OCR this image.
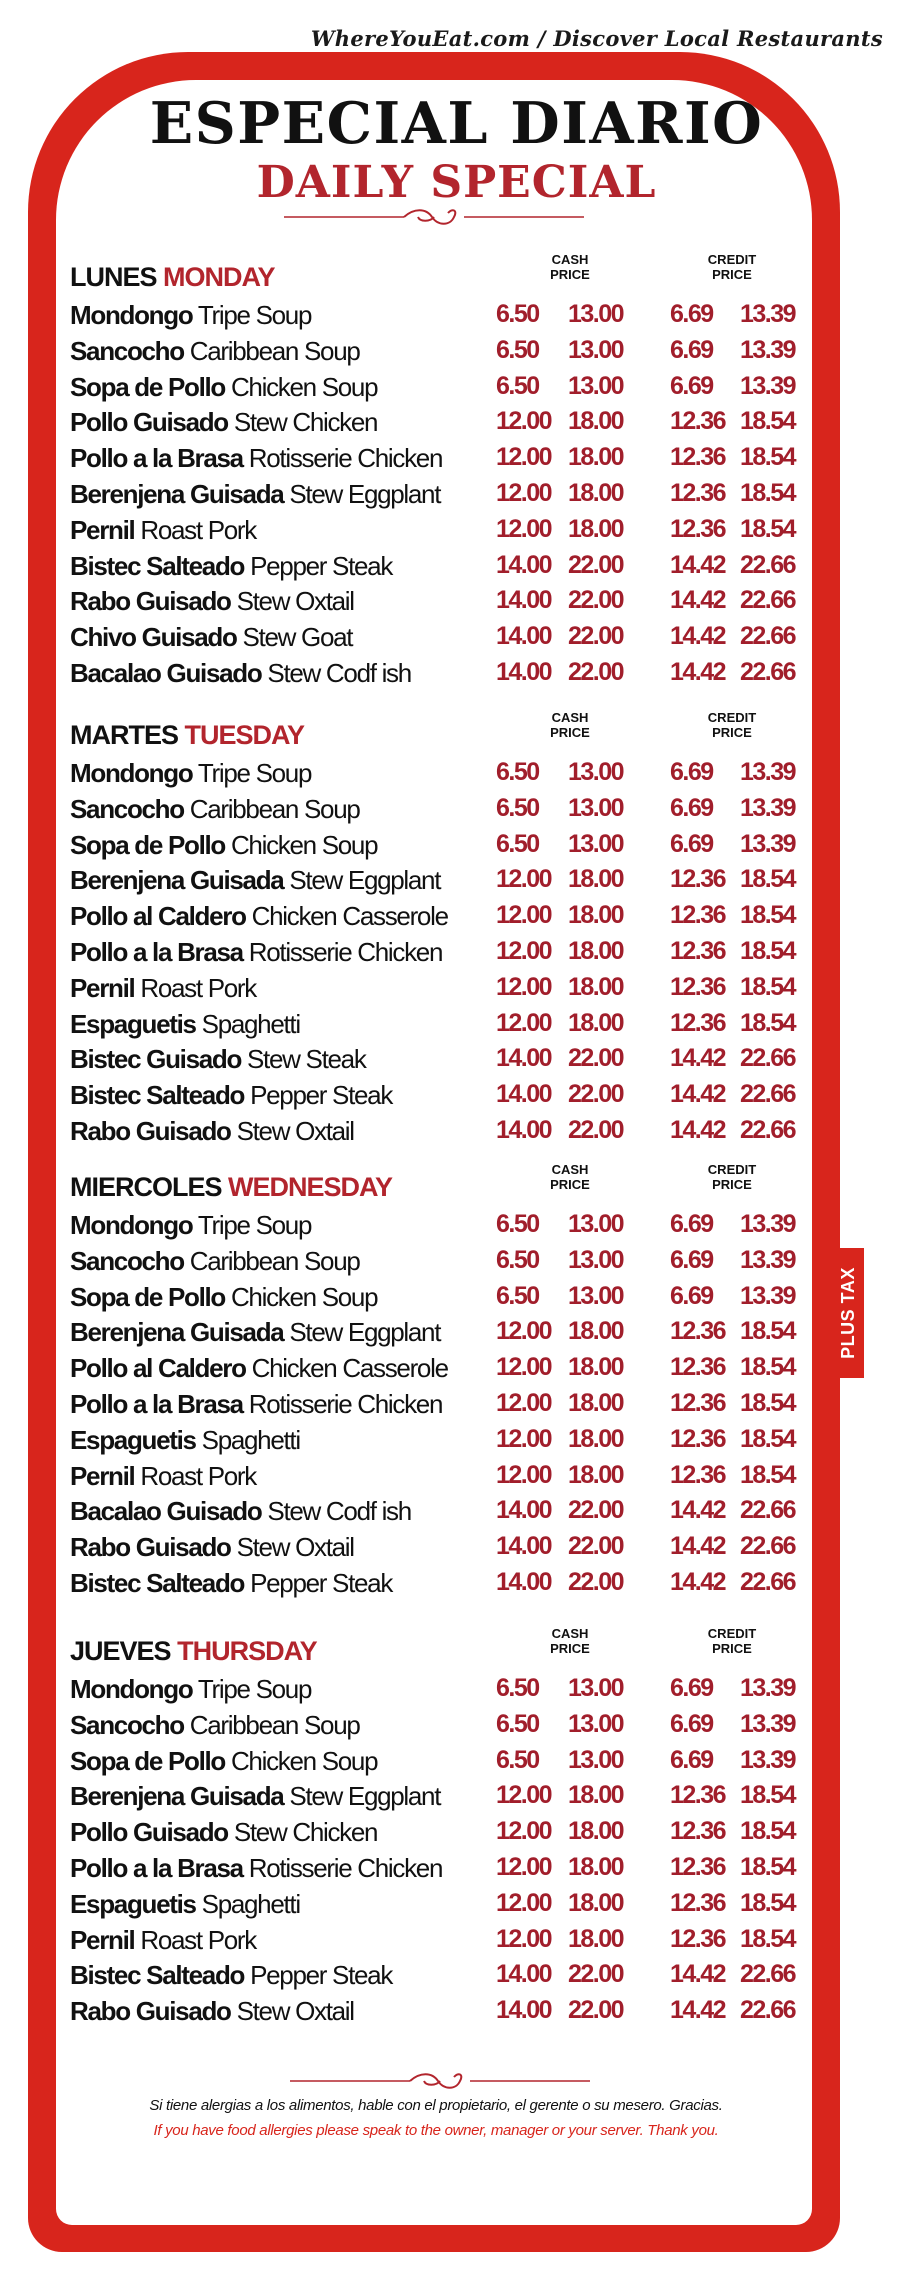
WhereYouEat.com / Discover Local Restaurants
ESPECIAL DIARIO
DAILY SPECIAL
LUNES MONDAY
CASH
PRICE
CREDIT
PRICE
Mondongo Tripe Soup	6.50 13.00 6.69 13.39
Sancocho Caribbean Soup	6.50 13.00 6.69 13.39
Sopa de Pollo Chicken Soup	6.50 13.00 6.69 13.39
Pollo Guisado Stew Chicken	12.00 18.00 12.36 18.54
Pollo a la Brasa Rotisserie Chicken 12.00 18.00 12.36 18.54
Berenjena Guisada Stew Eggplant 12.00 18.00 12.36 18.54
Pernil Roast Pork	12.00 18.00 12.36 18.54
Bistec Salteado Pepper Steak	14.00 22.00 14.42 22.66
Rabo Guisado Stew Oxtail	14.00 22.00 14.42 22.66
Chivo Guisado Stew Goat	14.00 22.00 14.42 22.66
Bacalao Guisado Stew Codf ish	14.00 22.00 14.42 22.66
MARTES TUESDAY
CASH
PRICE
CREDIT
PRICE
Mondongo Tripe Soup	6.50 13.00 6.69 13.39
Sancocho Caribbean Soup	6.50 13.00 6.69 13.39
Sopa de Pollo Chicken Soup	6.50 13.00 6.69 13.39
Berenjena Guisada Stew Eggplant 12.00 18.00 12.36 18.54
Pollo al Caldero Chicken Casserole 12.00 18.00 12.36 18.54
Pollo a la Brasa Rotisserie Chicken 12.00 18.00 12.36 18.54
Pernil Roast Pork	12.00 18.00 12.36 18.54
Espaguetis Spaghetti	12.00 18.00 12.36 18.54
Bistec Guisado Stew Steak	14.00 22.00 14.42 22.66
Bistec Salteado Pepper Steak	14.00 22.00 14.42 22.66
Rabo Guisado Stew Oxtail	14.00 22.00 14.42 22.66
MIERCOLES WEDNESDAY
CASH
PRICE
CREDIT
PRICE
Mondongo Tripe Soup	6.50 13.00 6.69 13.39
Sancocho Caribbean Soup	6.50 13.00 6.69 13.39
Sopa de Pollo Chicken Soup	6.50 13.00 6.69 13.39
Berenjena Guisada Stew Eggplant 12.00 18.00 12.36 18.54
Pollo al Caldero Chicken Casserole 12.00 18.00 12.36 18.54
Pollo a la Brasa Rotisserie Chicken 12.00 18.00 12.36 18.54
Espaguetis Spaghetti	12.00 18.00 12.36 18.54
Pernil Roast Pork	12.00 18.00 12.36 18.54
Bacalao Guisado Stew Codf ish	14.00 22.00 14.42 22.66
Rabo Guisado Stew Oxtail	14.00 22.00 14.42 22.66
Bistec Salteado Pepper Steak	14.00 22.00 14.42 22.66
JUEVES THURSDAY
CASH
PRICE
CREDIT
PRICE
Mondongo Tripe Soup	6.50 13.00 6.69 13.39
Sancocho Caribbean Soup	6.50 13.00 6.69 13.39
Sopa de Pollo Chicken Soup	6.50 13.00 6.69 13.39
Berenjena Guisada Stew Eggplant 12.00 18.00 12.36 18.54
Pollo Guisado Stew Chicken	12.00 18.00 12.36 18.54
Pollo a la Brasa Rotisserie Chicken 12.00 18.00 12.36 18.54
Espaguetis Spaghetti	12.00 18.00 12.36 18.54
Pernil Roast Pork	12.00 18.00 12.36 18.54
Bistec Salteado Pepper Steak	14.00 22.00 14.42 22.66
Rabo Guisado Stew Oxtail	14.00 22.00 14.42 22.66
PLUS TAX
Si tiene alergias a los alimentos, hable con el propietario, el gerente o su mesero. Gracias.
If you have food allergies please speak to the owner, manager or your server. Thank you.
